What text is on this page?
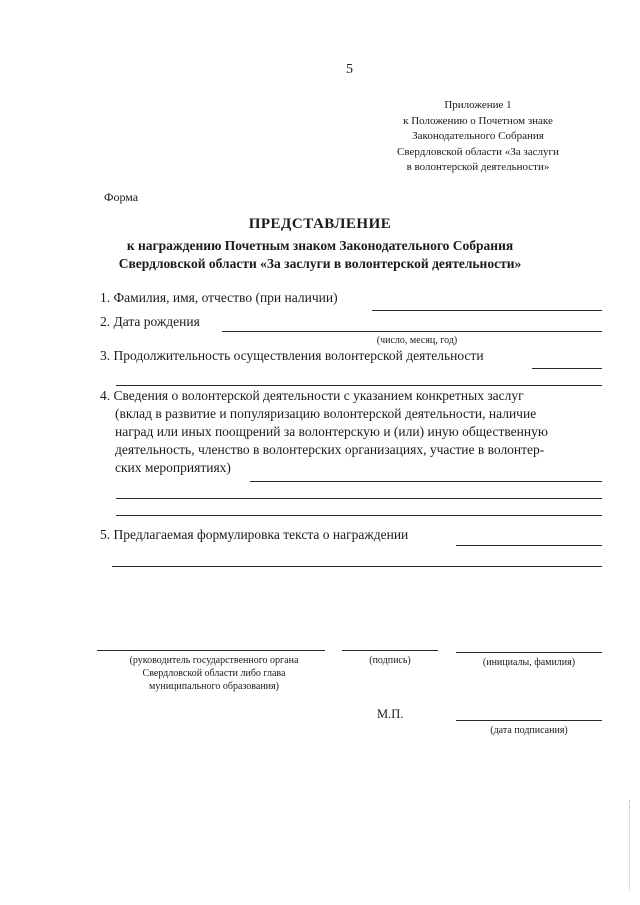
5
Приложение 1
к Положению о Почетном знаке
Законодательного Собрания
Свердловской области «За заслуги
в волонтерской деятельности»
Форма
ПРЕДСТАВЛЕНИЕ
к награждению Почетным знаком Законодательного Собрания
Свердловской области «За заслуги в волонтерской деятельности»
1. Фамилия, имя, отчество (при наличии)
2. Дата рождения
(число, месяц, год)
3. Продолжительность осуществления волонтерской деятельности
4. Сведения о волонтерской деятельности с указанием конкретных заслуг
(вклад в развитие и популяризацию волонтерской деятельности, наличие
наград или иных поощрений за волонтерскую и (или) иную общественную
деятельность, членство в волонтерских организациях, участие в волонтер-
ских мероприятиях)
5. Предлагаемая формулировка текста о награждении
(руководитель государственного органа
Свердловской области либо глава
муниципального образования)
(подпись)	(инициалы, фамилия)
М.П.
(дата подписания)
